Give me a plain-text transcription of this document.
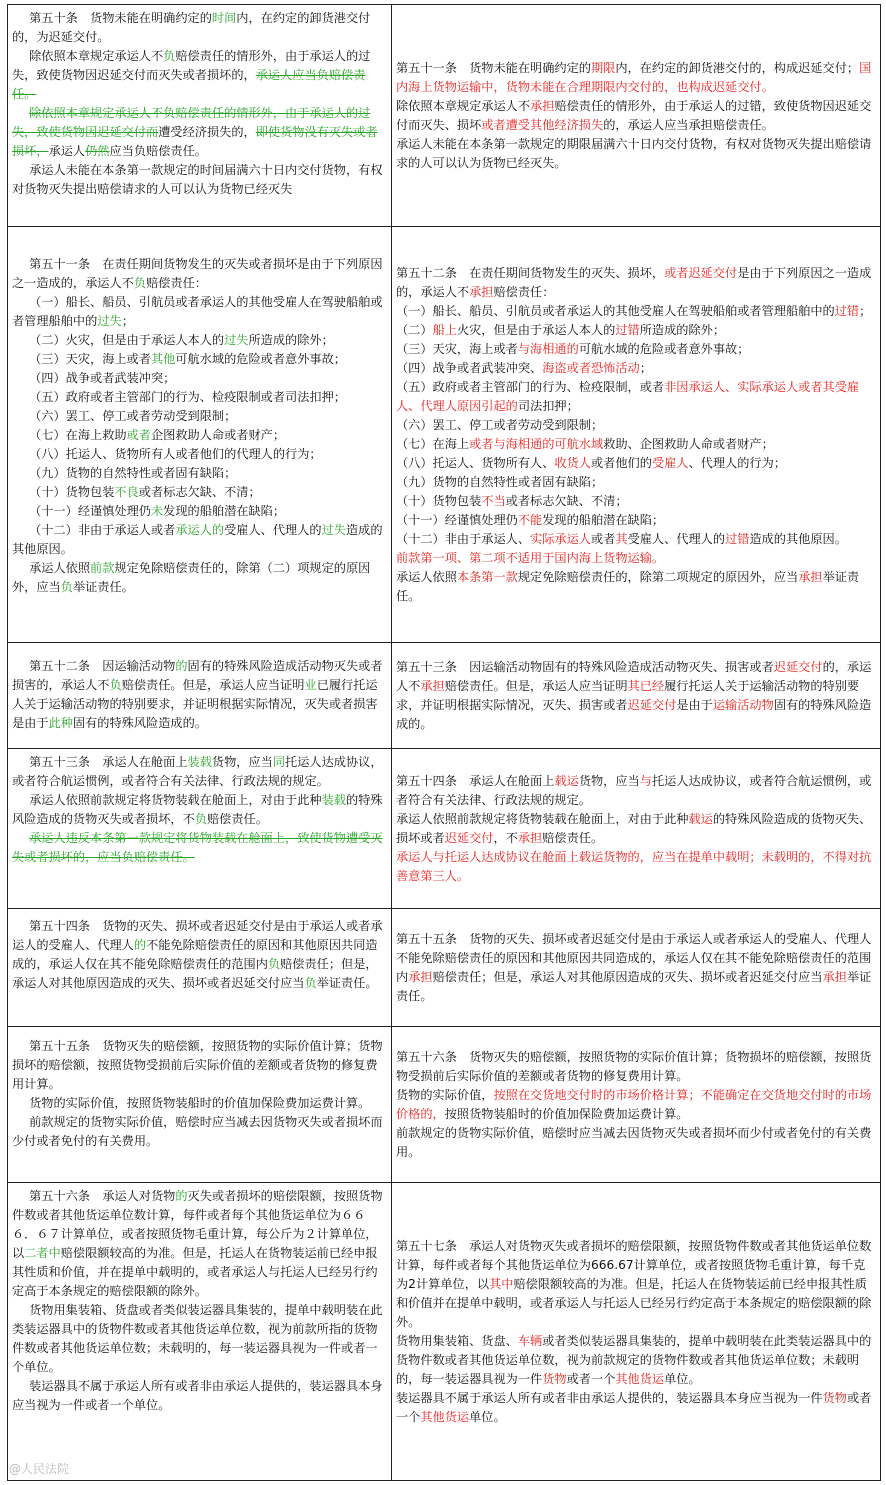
第五十条　货物未能在明确约定的时间内，在约定的卸货港交付的，为迟延交付。

除依照本章规定承运人不负赔偿责任的情形外，由于承运人的过失，致使货物因迟延交付而灭失或者损坏的，承运人应当负赔偿责任。

除依照本章规定承运人不负赔偿责任的情形外，由于承运人的过失，致使货物因迟延交付而遭受经济损失的，即使货物没有灭失或者损坏，承运人仍然应当负赔偿责任。

承运人未能在本条第一款规定的时间届满六十日内交付货物，有权对货物灭失提出赔偿请求的人可以认为货物已经灭失

第五十一条　货物未能在明确约定的期限内，在约定的卸货港交付的，构成迟延交付；国内海上货物运输中，货物未能在合理期限内交付的，也构成迟延交付。

除依照本章规定承运人不承担赔偿责任的情形外，由于承运人的过错，致使货物因迟延交付而灭失、损坏或者遭受其他经济损失的，承运人应当承担赔偿责任。

承运人未能在本条第一款规定的期限届满六十日内交付货物，有权对货物灭失提出赔偿请求的人可以认为货物已经灭失。

第五十一条　在责任期间货物发生的灭失或者损坏是由于下列原因之一造成的，承运人不负赔偿责任：

（一）船长、船员、引航员或者承运人的其他受雇人在驾驶船舶或者管理船舶中的过失；

（二）火灾，但是由于承运人本人的过失所造成的除外；

（三）天灾，海上或者其他可航水域的危险或者意外事故；

（四）战争或者武装冲突；

（五）政府或者主管部门的行为、检疫限制或者司法扣押；

（六）罢工、停工或者劳动受到限制；

（七）在海上救助或者企图救助人命或者财产；

（八）托运人、货物所有人或者他们的代理人的行为；

（九）货物的自然特性或者固有缺陷；

（十）货物包装不良或者标志欠缺、不清；

（十一）经谨慎处理仍未发现的船舶潜在缺陷；

（十二）非由于承运人或者承运人的受雇人、代理人的过失造成的其他原因。

承运人依照前款规定免除赔偿责任的，除第（二）项规定的原因外，应当负举证责任。

第五十二条　在责任期间货物发生的灭失、损坏，或者迟延交付是由于下列原因之一造成的，承运人不承担赔偿责任：

（一）船长、船员、引航员或者承运人的其他受雇人在驾驶船舶或者管理船舶中的过错；

（二）船上火灾，但是由于承运人本人的过错所造成的除外；

（三）天灾，海上或者与海相通的可航水域的危险或者意外事故；

（四）战争或者武装冲突、海盗或者恐怖活动；

（五）政府或者主管部门的行为、检疫限制，或者非因承运人、实际承运人或者其受雇人、代理人原因引起的司法扣押；

（六）罢工、停工或者劳动受到限制；

（七）在海上或者与海相通的可航水域救助、企图救助人命或者财产；

（八）托运人、货物所有人、收货人或者他们的受雇人、代理人的行为；

（九）货物的自然特性或者固有缺陷；

（十）货物包装不当或者标志欠缺、不清；

（十一）经谨慎处理仍不能发现的船舶潜在缺陷；

（十二）非由于承运人、实际承运人或者其受雇人、代理人的过错造成的其他原因。

前款第一项、第二项不适用于国内海上货物运输。

承运人依照本条第一款规定免除赔偿责任的，除第二项规定的原因外，应当承担举证责任。

第五十二条　因运输活动物的固有的特殊风险造成活动物灭失或者损害的，承运人不负赔偿责任。但是，承运人应当证明业已履行托运人关于运输活动物的特别要求，并证明根据实际情况，灭失或者损害是由于此种固有的特殊风险造成的。

第五十三条　因运输活动物固有的特殊风险造成活动物灭失、损害或者迟延交付的，承运人不承担赔偿责任。但是，承运人应当证明其已经履行托运人关于运输活动物的特别要求，并证明根据实际情况，灭失、损害或者迟延交付是由于运输活动物固有的特殊风险造成的。

第五十三条　承运人在舱面上装载货物，应当同托运人达成协议，或者符合航运惯例，或者符合有关法律、行政法规的规定。

承运人依照前款规定将货物装载在舱面上，对由于此种装载的特殊风险造成的货物灭失或者损坏，不负赔偿责任。

承运人违反本条第一款规定将货物装载在舱面上，致使货物遭受灭失或者损坏的，应当负赔偿责任。

第五十四条　承运人在舱面上载运货物，应当与托运人达成协议，或者符合航运惯例，或者符合有关法律、行政法规的规定。

承运人依照前款规定将货物装载在舱面上，对由于此种载运的特殊风险造成的货物灭失、损坏或者迟延交付，不承担赔偿责任。

承运人与托运人达成协议在舱面上载运货物的，应当在提单中载明；未载明的，不得对抗善意第三人。

第五十四条　货物的灭失、损坏或者迟延交付是由于承运人或者承运人的受雇人、代理人的不能免除赔偿责任的原因和其他原因共同造成的，承运人仅在其不能免除赔偿责任的范围内负赔偿责任；但是，承运人对其他原因造成的灭失、损坏或者迟延交付应当负举证责任。

第五十五条　货物的灭失、损坏或者迟延交付是由于承运人或者承运人的受雇人、代理人不能免除赔偿责任的原因和其他原因共同造成的，承运人仅在其不能免除赔偿责任的范围内承担赔偿责任；但是，承运人对其他原因造成的灭失、损坏或者迟延交付应当承担举证责任。

第五十五条　货物灭失的赔偿额，按照货物的实际价值计算；货物损坏的赔偿额，按照货物受损前后实际价值的差额或者货物的修复费用计算。

货物的实际价值，按照货物装船时的价值加保险费加运费计算。

前款规定的货物实际价值，赔偿时应当减去因货物灭失或者损坏而少付或者免付的有关费用。

第五十六条　货物灭失的赔偿额，按照货物的实际价值计算；货物损坏的赔偿额，按照货物受损前后实际价值的差额或者货物的修复费用计算。

货物的实际价值，按照在交货地交付时的市场价格计算；不能确定在交货地交付时的市场价格的，按照货物装船时的价值加保险费加运费计算。

前款规定的货物实际价值，赔偿时应当减去因货物灭失或者损坏而少付或者免付的有关费用。

第五十六条　承运人对货物的灭失或者损坏的赔偿限额，按照货物件数或者其他货运单位数计算，每件或者每个其他货运单位为６６６．６７计算单位，或者按照货物毛重计算，每公斤为２计算单位，以二者中赔偿限额较高的为准。但是，托运人在货物装运前已经申报其性质和价值，并在提单中载明的，或者承运人与托运人已经另行约定高于本条规定的赔偿限额的除外。

货物用集装箱、货盘或者类似装运器具集装的，提单中载明装在此类装运器具中的货物件数或者其他货运单位数，视为前款所指的货物件数或者其他货运单位数；未载明的，每一装运器具视为一件或者一个单位。

装运器具不属于承运人所有或者非由承运人提供的，装运器具本身应当视为一件或者一个单位。

第五十七条　承运人对货物灭失或者损坏的赔偿限额，按照货物件数或者其他货运单位数计算，每件或者每个其他货运单位为666.67计算单位，或者按照货物毛重计算，每千克为2计算单位，以其中赔偿限额较高的为准。但是，托运人在货物装运前已经申报其性质和价值并在提单中载明，或者承运人与托运人已经另行约定高于本条规定的赔偿限额的除外。

货物用集装箱、货盘、车辆或者类似装运器具集装的，提单中载明装在此类装运器具中的货物件数或者其他货运单位数，视为前款规定的货物件数或者其他货运单位数；未载明的，每一装运器具视为一件货物或者一个其他货运单位。

装运器具不属于承运人所有或者非由承运人提供的，装运器具本身应当视为一件货物或者一个其他货运单位。

@人民法院
